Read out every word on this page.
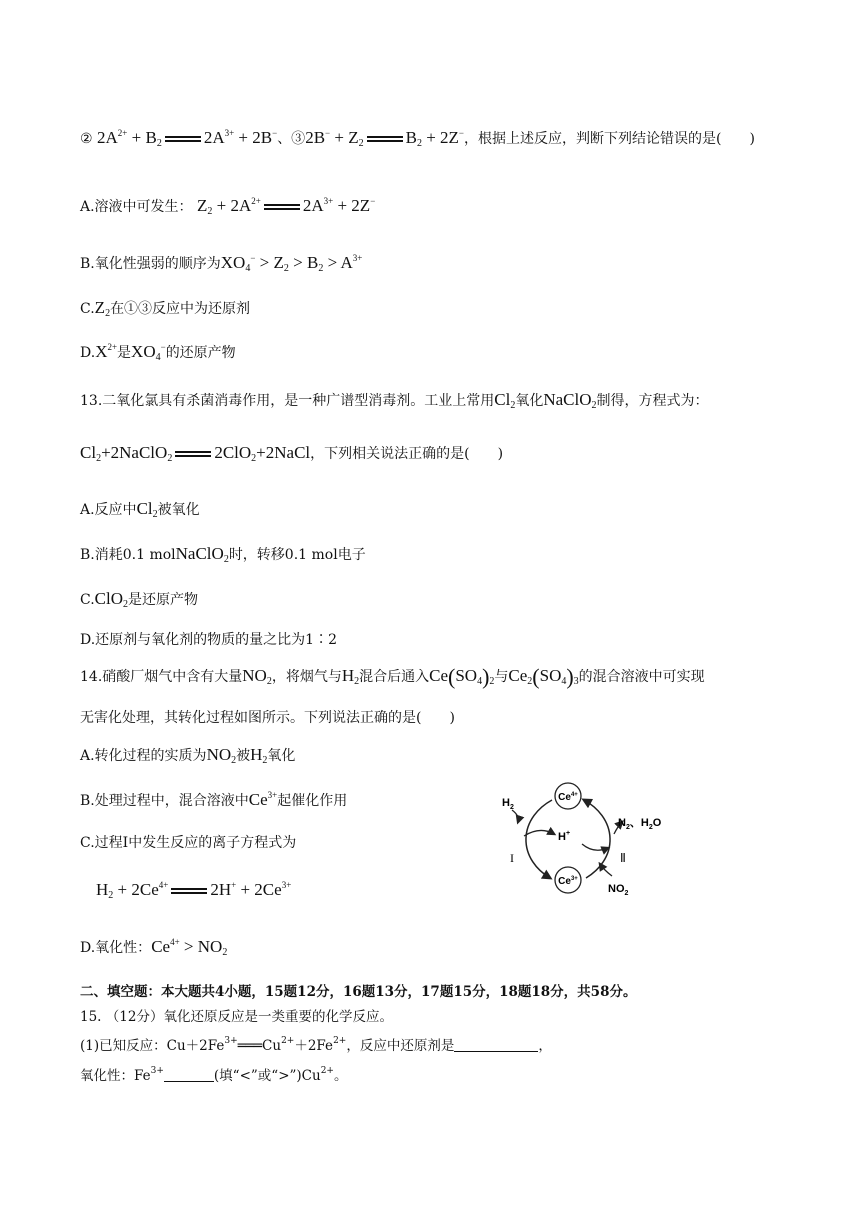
② $2A^{2+} + B_2$ $2A^{3+} + 2B^-$、③2B− + $Z_2$ $B_2 + 2Z^-$，根据上述反应，判断下列结论错误的是(　　)
A.溶液中可发生： $Z_2 + 2A^{2+}$ $2A^{3+} + 2Z^-$
B.氧化性强弱的顺序为$XO_4^- > Z_2 > B_2 > A^{3+}$
$C.Z_2$在①③反应中为还原剂
$D.X^{2+}$是$XO_4^-$的还原产物
13.二氧化氯具有杀菌消毒作用，是一种广谱型消毒剂。工业上常用$Cl_2$氧化NaClO$_2$制得，方程式为：
$Cl_2+2NaClO_2$ 2ClO$_2$+2NaCl，下列相关说法正确的是(　　)
A.反应中$Cl_2$被氧化
B.消耗0.1 molNaClO$_2$时，转移0.1 mol电子
C.ClO$_2$是还原产物
D.还原剂与氧化剂的物质的量之比为1∶2
14.硝酸厂烟气中含有大量$NO_2$，将烟气与$H_2$混合后通入$Ce(SO_4)_2$与$Ce_2(SO_4)_3$的混合溶液中可实现
无害化处理，其转化过程如图所示。下列说法正确的是(　　)
A.转化过程的实质为$NO_2$被$H_2$氧化
B.处理过程中，混合溶液中$Ce^{3+}$起催化作用
C.过程Ⅰ中发生反应的离子方程式为
$H_2 + 2Ce^{4+}$ $2H^+ + 2Ce^{3+}$
D.氧化性：$Ce^{4+} > NO_2$
$Ce^{4+}$
$Ce^{3+}$
$H_2$
H+
$N_2$、$H_2O$
$NO_2$
I	Ⅱ
二、填空题：本大题共4小题，15题12分，16题13分，17题15分，18题18分，共58分。
15. （12分）氧化还原反应是一类重要的化学反应。
(1)已知反应：$Cu+2Fe^{3+}═══Cu^{2+}+2Fe^{2+}$，反应中还原剂是	，
氧化性：$Fe^{3+}$	(填“<”或“$>”)Cu^{2+}$。
